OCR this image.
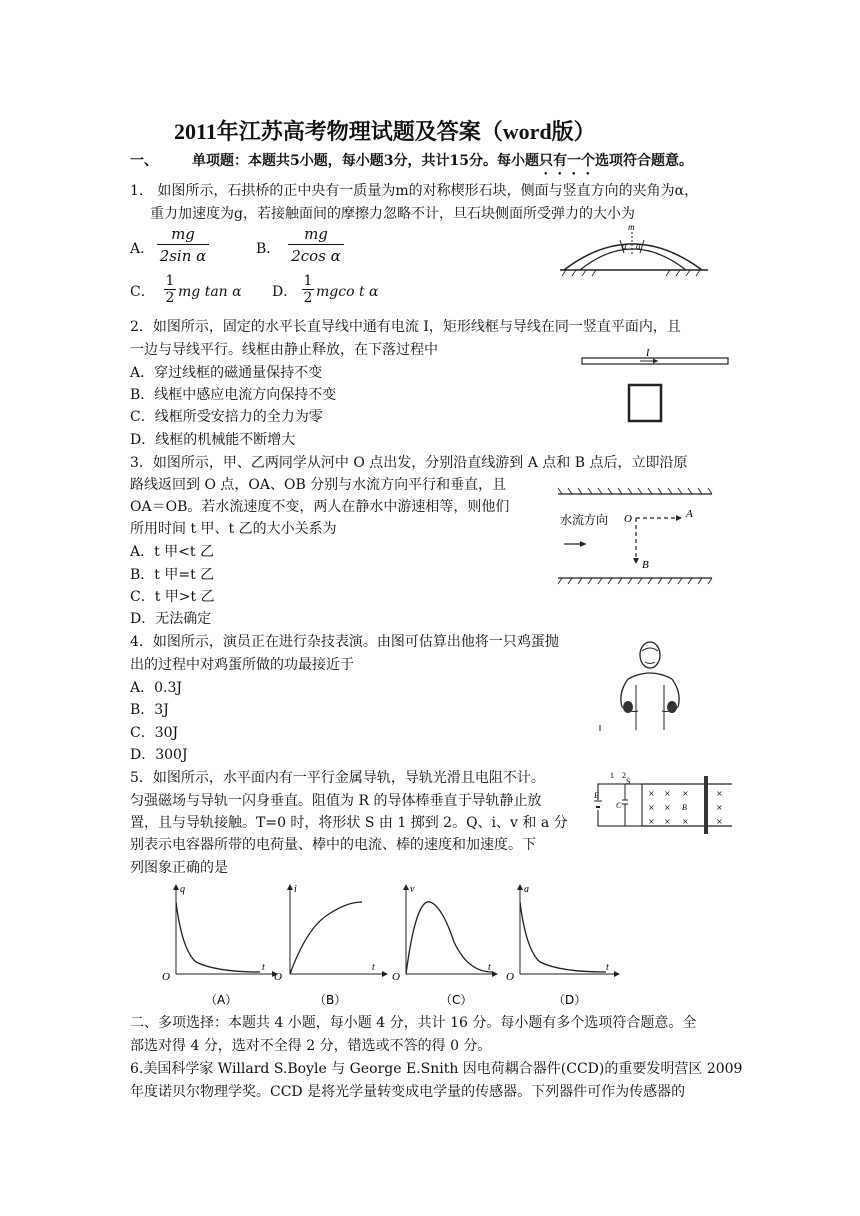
2011年江苏高考物理试题及答案（word版）
一、 单项题：本题共5小题，每小题3分，共计15分。每小题只有一个选项符合题意。
1． 如图所示，石拱桥的正中央有一质量为m的对称楔形石块，侧面与竖直方向的夹角为α，
重力加速度为g，若接触面间的摩擦力忽略不计，旦石块侧面所受弹力的大小为
A． $\frac{mg}{\text{2sin α}}$	B． $\frac{mg}{\text{2cos α}}$
C． $\frac{1}{2}$ mg tan α D． $\frac{1}{2}$ mgco t α
m
α α
2．如图所示，固定的水平长直导线中通有电流 I，矩形线框与导线在同一竖直平面内，且
一边与导线平行。线框由静止释放，在下落过程中
A．穿过线框的磁通量保持不变
B．线框中感应电流方向保持不变
C．线框所受安掊力的全力为零
D．线框的机械能不断增大
I
3．如图所示，甲、乙两同学从河中 O 点出发，分别沿直线游到 A 点和 B 点后，立即沿原
路线返回到 O 点，OA、OB 分别与水流方向平行和垂直，且
OA＝OB。若水流速度不变，两人在静水中游速相等，则他们
所用时间 t 甲、t 乙的大小关系为
A．t 甲<t 乙
B．t 甲=t 乙
C．t 甲>t 乙
D．无法确定
水流方向 O	A
B
4．如图所示，演员正在进行杂技表演。由图可估算出他将一只鸡蛋抛
出的过程中对鸡蛋所做的功最接近于
A．0.3J
B．3J
C．30J
D．300J
5．如图所示，水平面内有一平行金属导轨，导轨光滑且电阻不计。
匀强磁场与导轨一闪身垂直。阻值为 R 的导体棒垂直于导轨静止放
置，且与导轨接触。T=0 时，将形状 S 由 1 掷到 2。Q、i、v 和 a 分
别表示电容器所带的电荷量、棒中的电流、棒的速度和加速度。下
列图象正确的是
E
C
S
1 2
× × ×	×
× ×	×
× × ×	×
B
q
t
O
（A）
i
t
O
（B）
v
t
O
（C）
a
t
O
（D）
二、多项选择：本题共 4 小题，每小题 4 分，共计 16 分。每小题有多个选项符合题意。全
部选对得 4 分，选对不全得 2 分，错选或不答的得 0 分。
6.美国科学家 Willard S.Boyle 与 George E.Snith 因电荷耦合器件(CCD)的重要发明营区 2009
年度诺贝尔物理学奖。CCD 是将光学量转变成电学量的传感器。下列器件可作为传感器的
